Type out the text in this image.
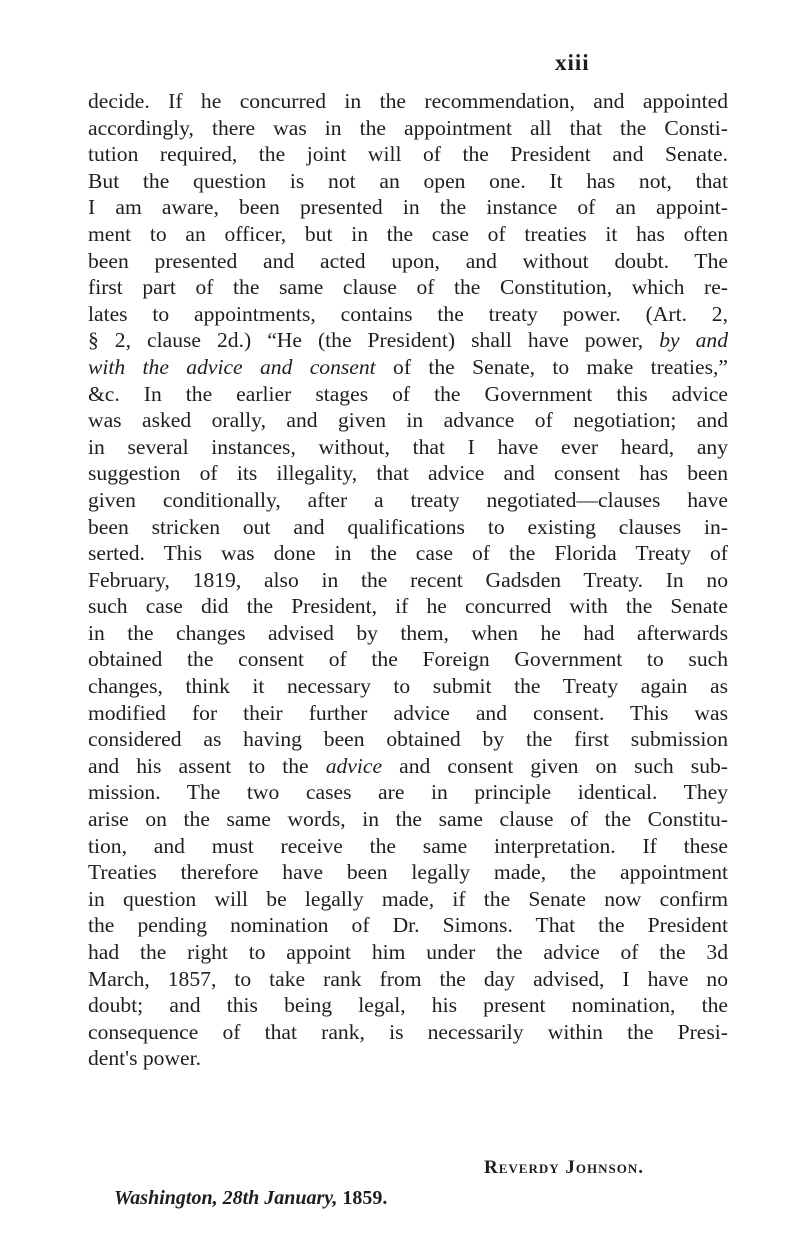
xiii
decide. If he concurred in the recommendation, and appointed
accordingly, there was in the appointment all that the Consti-
tution required, the joint will of the President and Senate.
But the question is not an open one. It has not, that
I am aware, been presented in the instance of an appoint-
ment to an officer, but in the case of treaties it has often
been presented and acted upon, and without doubt. The
first part of the same clause of the Constitution, which re-
lates to appointments, contains the treaty power. (Art. 2,
§ 2, clause 2d.) “He (the President) shall have power, by and
with the advice and consent of the Senate, to make treaties,”
&c. In the earlier stages of the Government this advice
was asked orally, and given in advance of negotiation; and
in several instances, without, that I have ever heard, any
suggestion of its illegality, that advice and consent has been
given conditionally, after a treaty negotiated—clauses have
been stricken out and qualifications to existing clauses in-
serted. This was done in the case of the Florida Treaty of
February, 1819, also in the recent Gadsden Treaty. In no
such case did the President, if he concurred with the Senate
in the changes advised by them, when he had afterwards
obtained the consent of the Foreign Government to such
changes, think it necessary to submit the Treaty again as
modified for their further advice and consent. This was
considered as having been obtained by the first submission
and his assent to the advice and consent given on such sub-
mission. The two cases are in principle identical. They
arise on the same words, in the same clause of the Constitu-
tion, and must receive the same interpretation. If these
Treaties therefore have been legally made, the appointment
in question will be legally made, if the Senate now confirm
the pending nomination of Dr. Simons. That the President
had the right to appoint him under the advice of the 3d
March, 1857, to take rank from the day advised, I have no
doubt; and this being legal, his present nomination, the
consequence of that rank, is necessarily within the Presi-
dent's power.
Reverdy Johnson.
Washington, 28th January, 1859.
